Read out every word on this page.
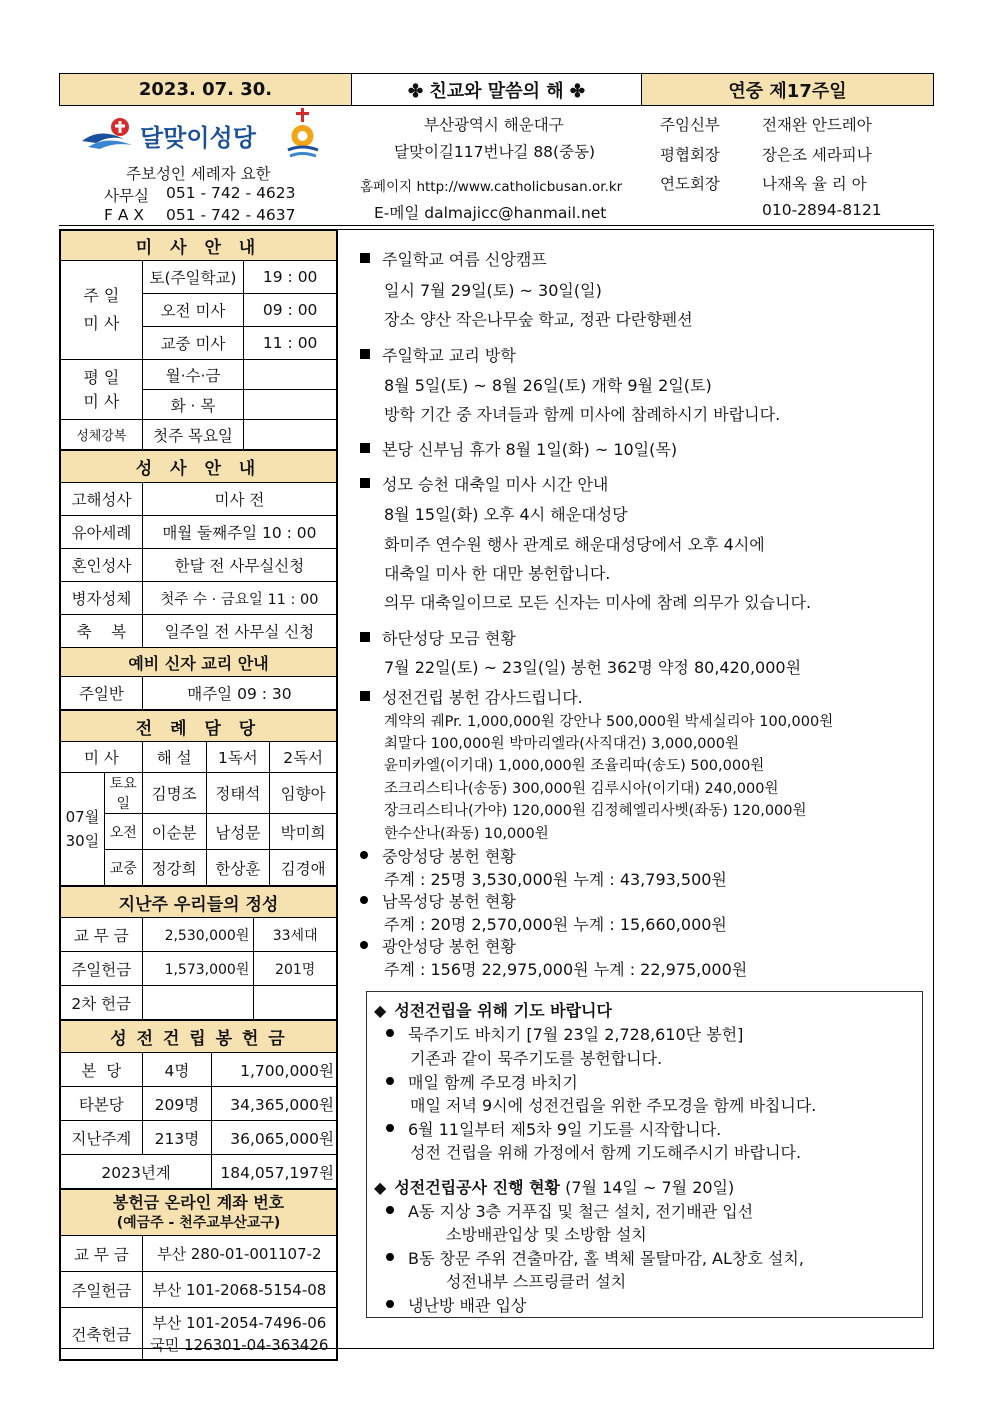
2023. 07. 30.	✤ 친교와 말씀의 해 ✤	연중 제17주일
달맞이성당
주보성인 세례자 요한
사무실 051 - 742 - 4623
F A X 051 - 742 - 4637
부산광역시 해운대구
달맞이길117번나길 88(중동)
홈페이지 http://www.catholicbusan.or.kr
E-메일 dalmajicc@hanmail.net
주임신부	전재완 안드레아
평협회장	장은조 세라피나
연도회장	나재옥 율 리 아
010-2894-8121
미 사 안 내		
주 일
미 사	토(주일학교)	19 : 00
	오전 미사	09 : 00
	교중 미사	11 : 00
평 일
미 사	월·수·금	
	화 · 목	
성체강복	첫주 목요일	
성 사 안 내	
고해성사	미사 전
유아세례	매월 둘째주일 10 : 00
혼인성사	한달 전 사무실신청
병자성체	첫주 수 · 금요일 11 : 00
축    복	일주일 전 사무실 신청
예비 신자 교리 안내	
주일반	매주일 09 : 30
전 례 담 당				
미 사		해 설	1독서	2독서
07월
30일	토요일	김명조	정태석	임향아
	오전	이순분	남성문	박미희
	교중	정강희	한상훈	김경애
지난주 우리들의 정성		
교 무 금	2,530,000원	33세대
주일헌금	1,573,000원	201명
2차 헌금		
성 전 건 립 봉 헌 금		
본  당	4명	1,700,000원
타본당	209명	34,365,000원
지난주계	213명	36,065,000원
2023년계		184,057,197원
봉헌금 온라인 계좌 번호
(예금주 - 천주교부산교구)	

교 무 금	부산 280-01-001107-2
주일헌금	부산 101-2068-5154-08
건축헌금	부산 101-2054-7496-06
국민 126301-04-363426
주일학교 여름 신앙캠프
일시 7월 29일(토) ~ 30일(일)
장소 양산 작은나무숲 학교, 정관 다란향펜션
주일학교 교리 방학
8월 5일(토) ~ 8월 26일(토) 개학 9월 2일(토)
방학 기간 중 자녀들과 함께 미사에 참례하시기 바랍니다.
본당 신부님 휴가 8월 1일(화) ~ 10일(목)
성모 승천 대축일 미사 시간 안내
8월 15일(화) 오후 4시 해운대성당
화미주 연수원 행사 관계로 해운대성당에서 오후 4시에
대축일 미사 한 대만 봉헌합니다.
의무 대축일이므로 모든 신자는 미사에 참례 의무가 있습니다.
하단성당 모금 현황
7월 22일(토) ~ 23일(일) 봉헌 362명 약정 80,420,000원
성전건립 봉헌 감사드립니다.
계약의 궤Pr. 1,000,000원 강안나 500,000원 박세실리아 100,000원
최말다 100,000원 박마리엘라(사직대건) 3,000,000원
윤미카엘(이기대) 1,000,000원 조율리따(송도) 500,000원
조크리스티나(송동) 300,000원 김루시아(이기대) 240,000원
장크리스티나(가야) 120,000원 김정혜엘리사벳(좌동) 120,000원
한수산나(좌동) 10,000원
중앙성당 봉헌 현황
주계 : 25명 3,530,000원 누계 : 43,793,500원
남목성당 봉헌 현황
주계 : 20명 2,570,000원 누계 : 15,660,000원
광안성당 봉헌 현황
주계 : 156명 22,975,000원 누계 : 22,975,000원
◆ 성전건립을 위해 기도 바랍니다
묵주기도 바치기 [7월 23일 2,728,610단 봉헌]
기존과 같이 묵주기도를 봉헌합니다.
매일 함께 주모경 바치기
매일 저녁 9시에 성전건립을 위한 주모경을 함께 바칩니다.
6월 11일부터 제5차 9일 기도를 시작합니다.
성전 건립을 위해 가정에서 함께 기도해주시기 바랍니다.
◆ 성전건립공사 진행 현황 (7월 14일 ~ 7월 20일)
A동 지상 3층 거푸집 및 철근 설치, 전기배관 입선
소방배관입상 및 소방함 설치
B동 창문 주위 견출마감, 홀 벽체 몰탈마감, AL창호 설치,
성전내부 스프링클러 설치
냉난방 배관 입상
